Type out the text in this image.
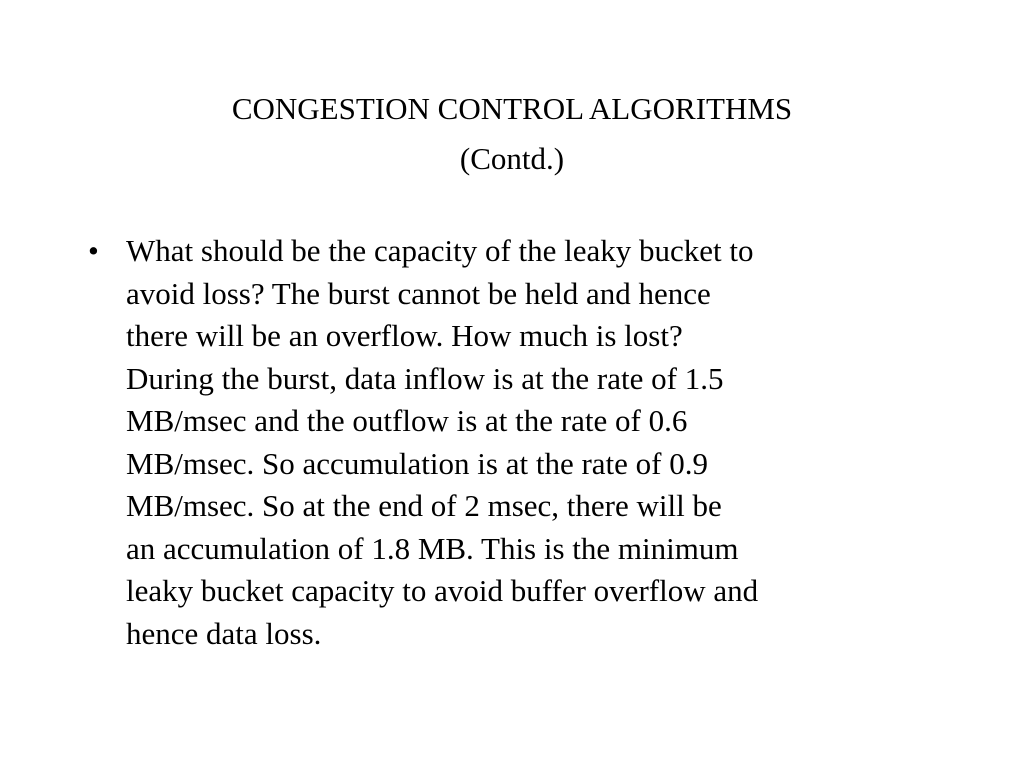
CONGESTION CONTROL ALGORITHMS
(Contd.)
• What should be the capacity of the leaky bucket to
avoid loss? The burst cannot be held and hence
there will be an overflow. How much is lost?
During the burst, data inflow is at the rate of 1.5
MB/msec and the outflow is at the rate of 0.6
MB/msec. So accumulation is at the rate of 0.9
MB/msec. So at the end of 2 msec, there will be
an accumulation of 1.8 MB. This is the minimum
leaky bucket capacity to avoid buffer overflow and
hence data loss.
